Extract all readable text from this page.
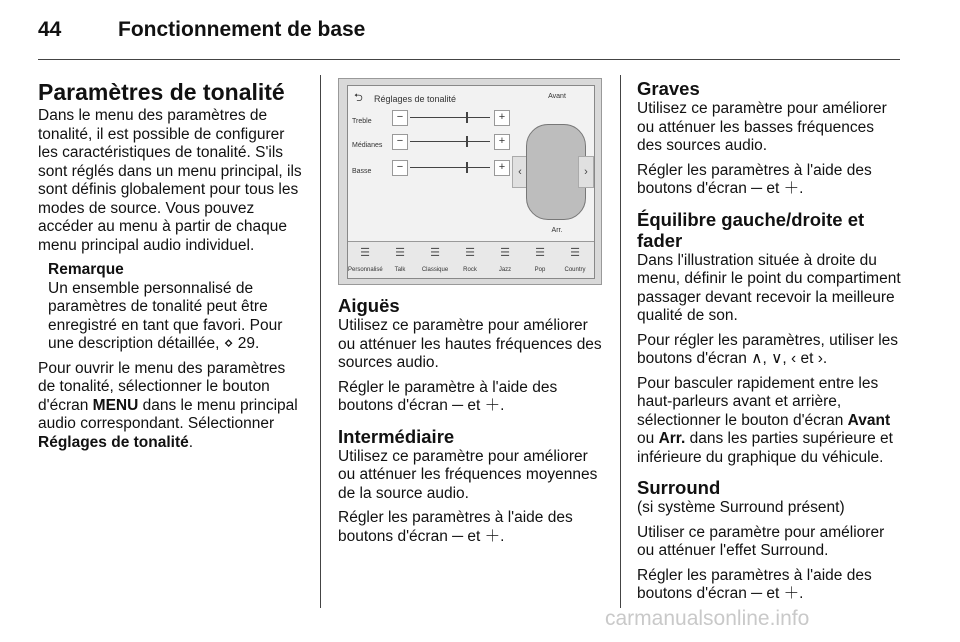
44	Fonctionnement de base
Paramètres de tonalité

Dans le menu des paramètres de tonalité, il est possible de configurer les caractéristiques de tonalité. S'ils sont réglés dans un menu principal, ils sont définis globalement pour tous les modes de source. Vous pouvez accéder au menu à partir de chaque menu principal audio individuel.

Remarque
Un ensemble personnalisé de paramètres de tonalité peut être enregistré en tant que favori. Pour une description détaillée, ⋄ 29.

Pour ouvrir le menu des paramètres de tonalité, sélectionner le bouton d'écran MENU dans le menu principal audio correspondant. Sélectionner Réglages de tonalité.

⮌ Réglages de tonalité
Treble	−	+
Médianes	−	+
Basse	−	+
Avant
‹	›
Arr.
☰
Personnalisé
☰
Talk
☰
Classique
☰
Rock
☰
Jazz
☰
Pop
☰
Country
Aiguës

Utilisez ce paramètre pour améliorer ou atténuer les hautes fréquences des sources audio.

Régler le paramètre à l'aide des boutons d'écran ─ et ＋.

Intermédiaire

Utilisez ce paramètre pour améliorer ou atténuer les fréquences moyennes de la source audio.

Régler les paramètres à l'aide des boutons d'écran ─ et ＋.

Graves

Utilisez ce paramètre pour améliorer ou atténuer les basses fréquences des sources audio.

Régler les paramètres à l'aide des boutons d'écran ─ et ＋.

Équilibre gauche/droite et fader

Dans l'illustration située à droite du menu, définir le point du compartiment passager devant recevoir la meilleure qualité de son.

Pour régler les paramètres, utiliser les boutons d'écran ∧, ∨, ‹ et ›.

Pour basculer rapidement entre les haut-parleurs avant et arrière, sélectionner le bouton d'écran Avant ou Arr. dans les parties supérieure et inférieure du graphique du véhicule.

Surround
(si système Surround présent)

Utiliser ce paramètre pour améliorer ou atténuer l'effet Surround.

Régler les paramètres à l'aide des boutons d'écran ─ et ＋.

carmanualsonline.info
